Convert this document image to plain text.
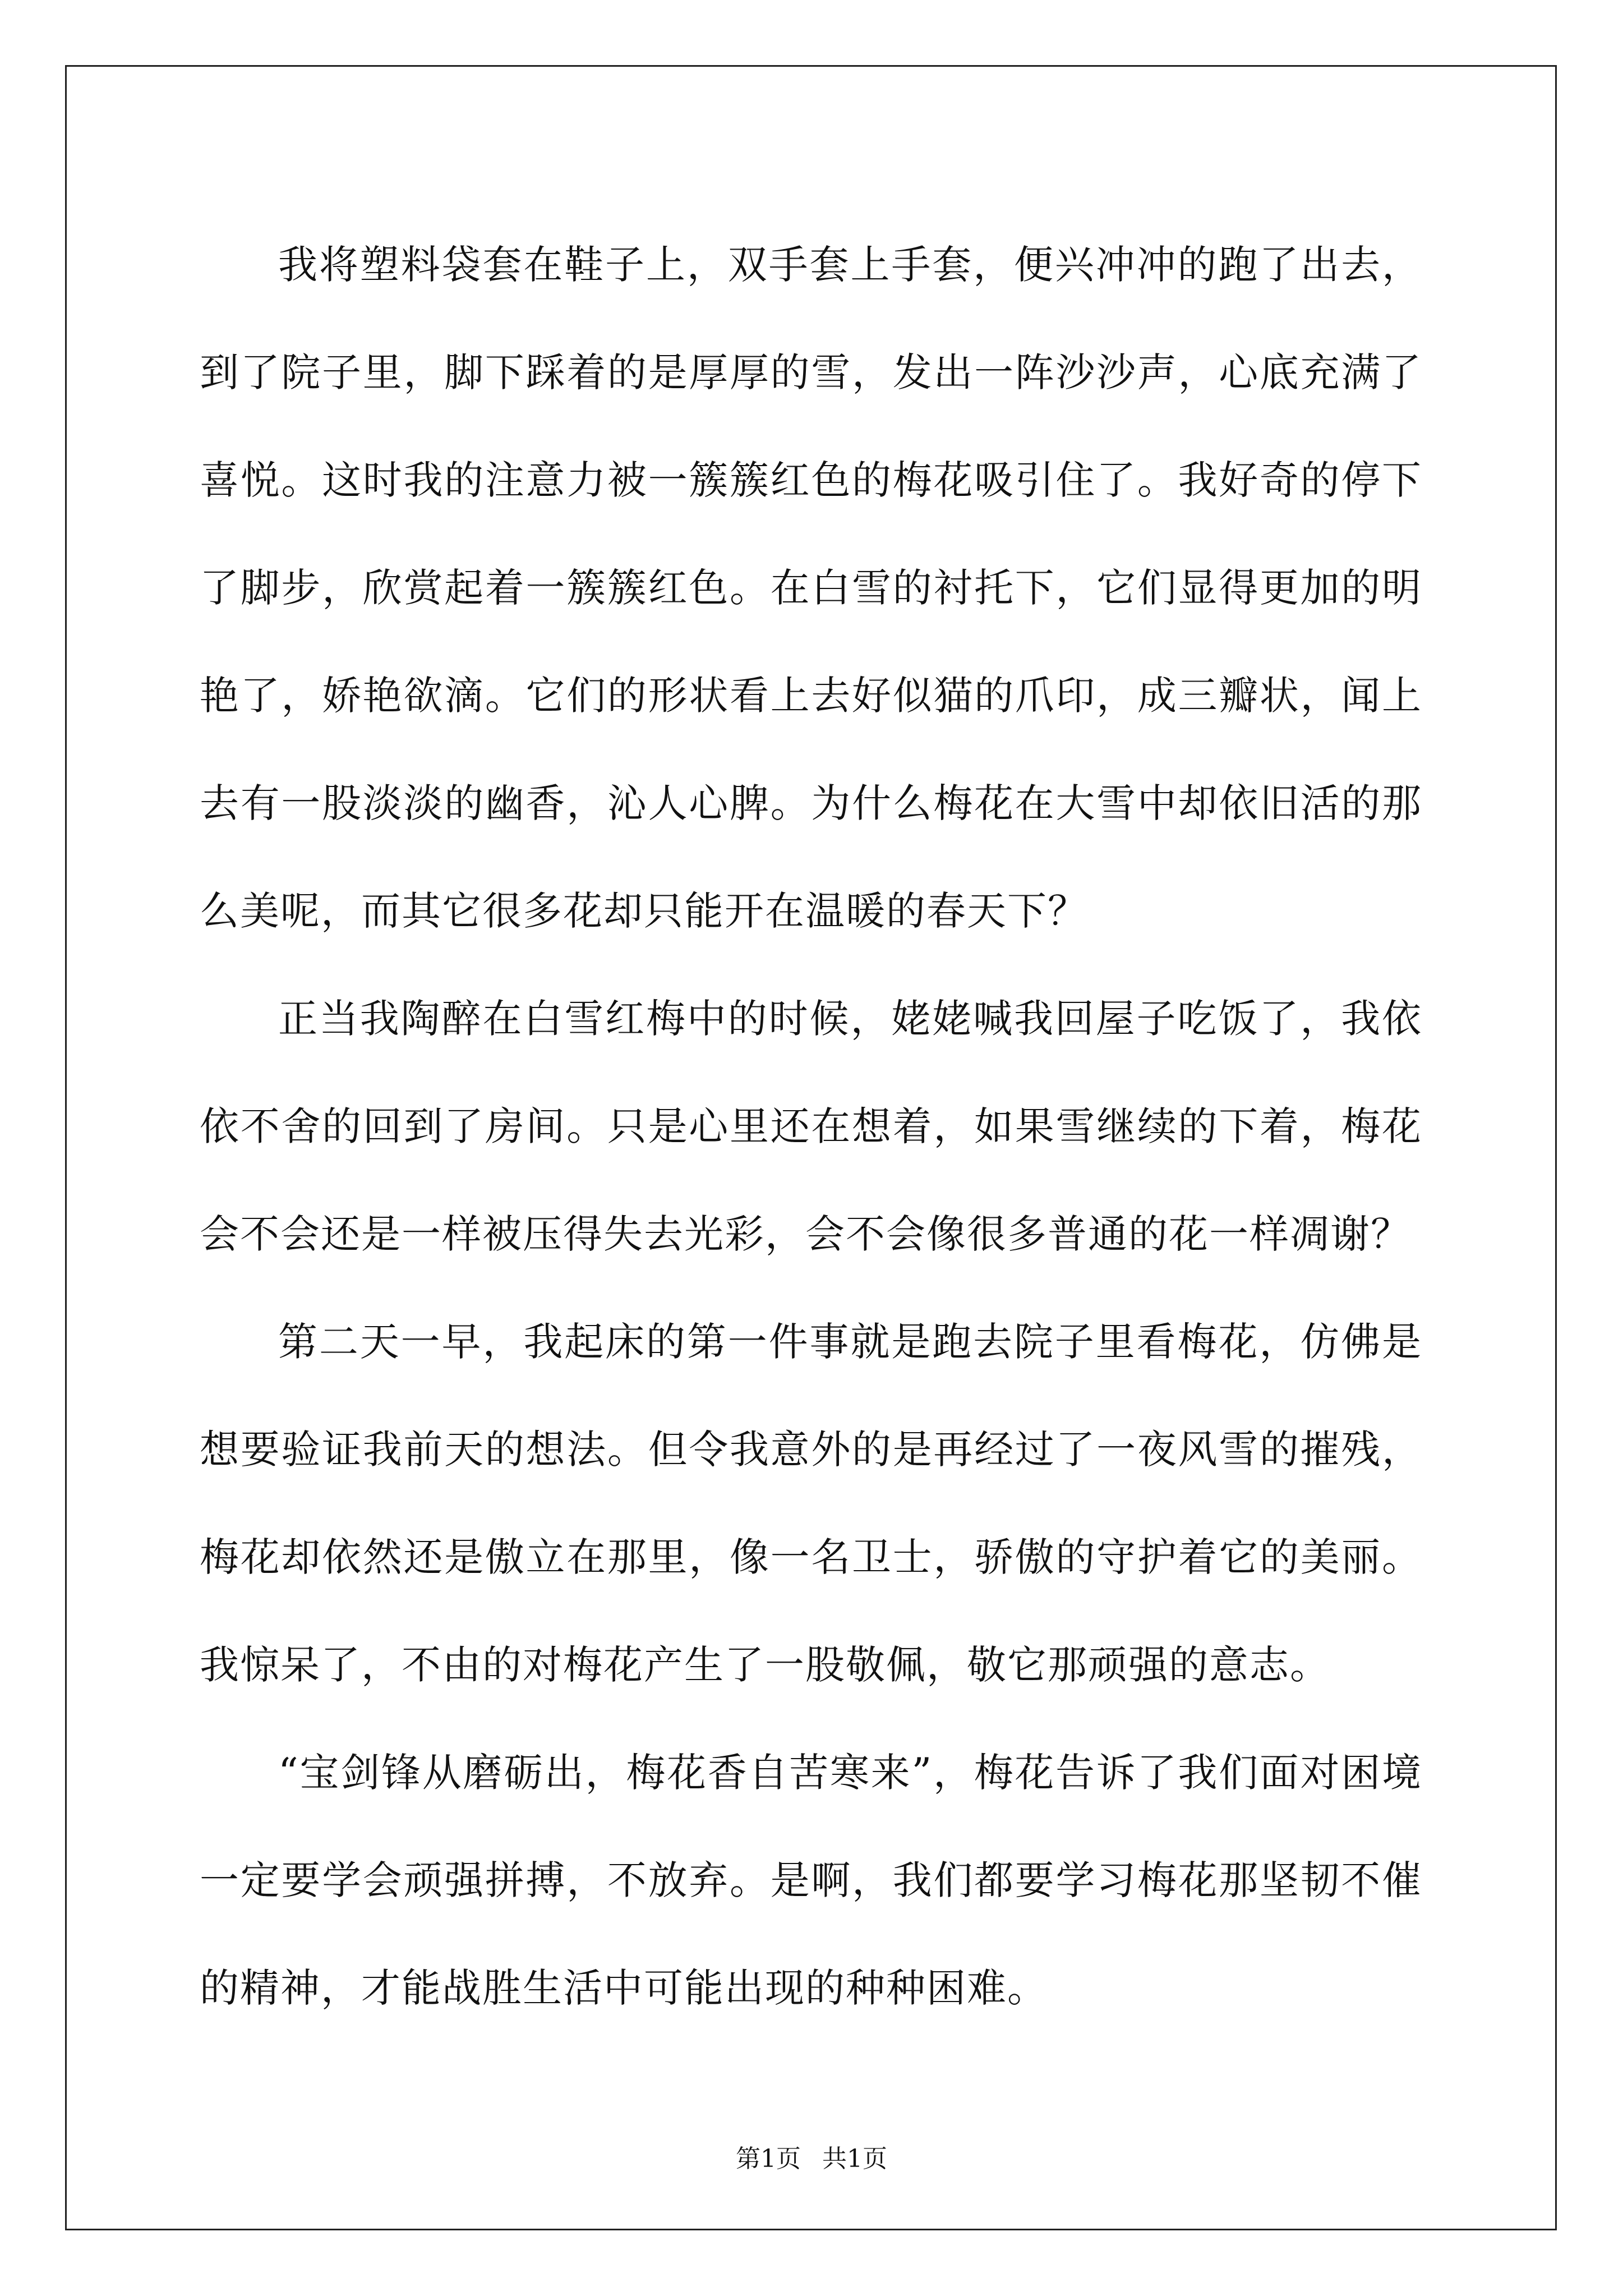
我将塑料袋套在鞋子上，双手套上手套，便兴冲冲的跑了出去，到了院子里，脚下踩着的是厚厚的雪，发出一阵沙沙声，心底充满了喜悦。这时我的注意力被一簇簇红色的梅花吸引住了。我好奇的停下了脚步，欣赏起着一簇簇红色。在白雪的衬托下，它们显得更加的明艳了，娇艳欲滴。它们的形状看上去好似猫的爪印，成三瓣状，闻上去有一股淡淡的幽香，沁人心脾。为什么梅花在大雪中却依旧活的那么美呢，而其它很多花却只能开在温暖的春天下？

正当我陶醉在白雪红梅中的时候，姥姥喊我回屋子吃饭了，我依依不舍的回到了房间。只是心里还在想着，如果雪继续的下着，梅花会不会还是一样被压得失去光彩，会不会像很多普通的花一样凋谢？

第二天一早，我起床的第一件事就是跑去院子里看梅花，仿佛是想要验证我前天的想法。但令我意外的是再经过了一夜风雪的摧残，梅花却依然还是傲立在那里，像一名卫士，骄傲的守护着它的美丽。我惊呆了，不由的对梅花产生了一股敬佩，敬它那顽强的意志。

“宝剑锋从磨砺出，梅花香自苦寒来”，梅花告诉了我们面对困境一定要学会顽强拼搏，不放弃。是啊，我们都要学习梅花那坚韧不催的精神，才能战胜生活中可能出现的种种困难。

第1页 共1页
